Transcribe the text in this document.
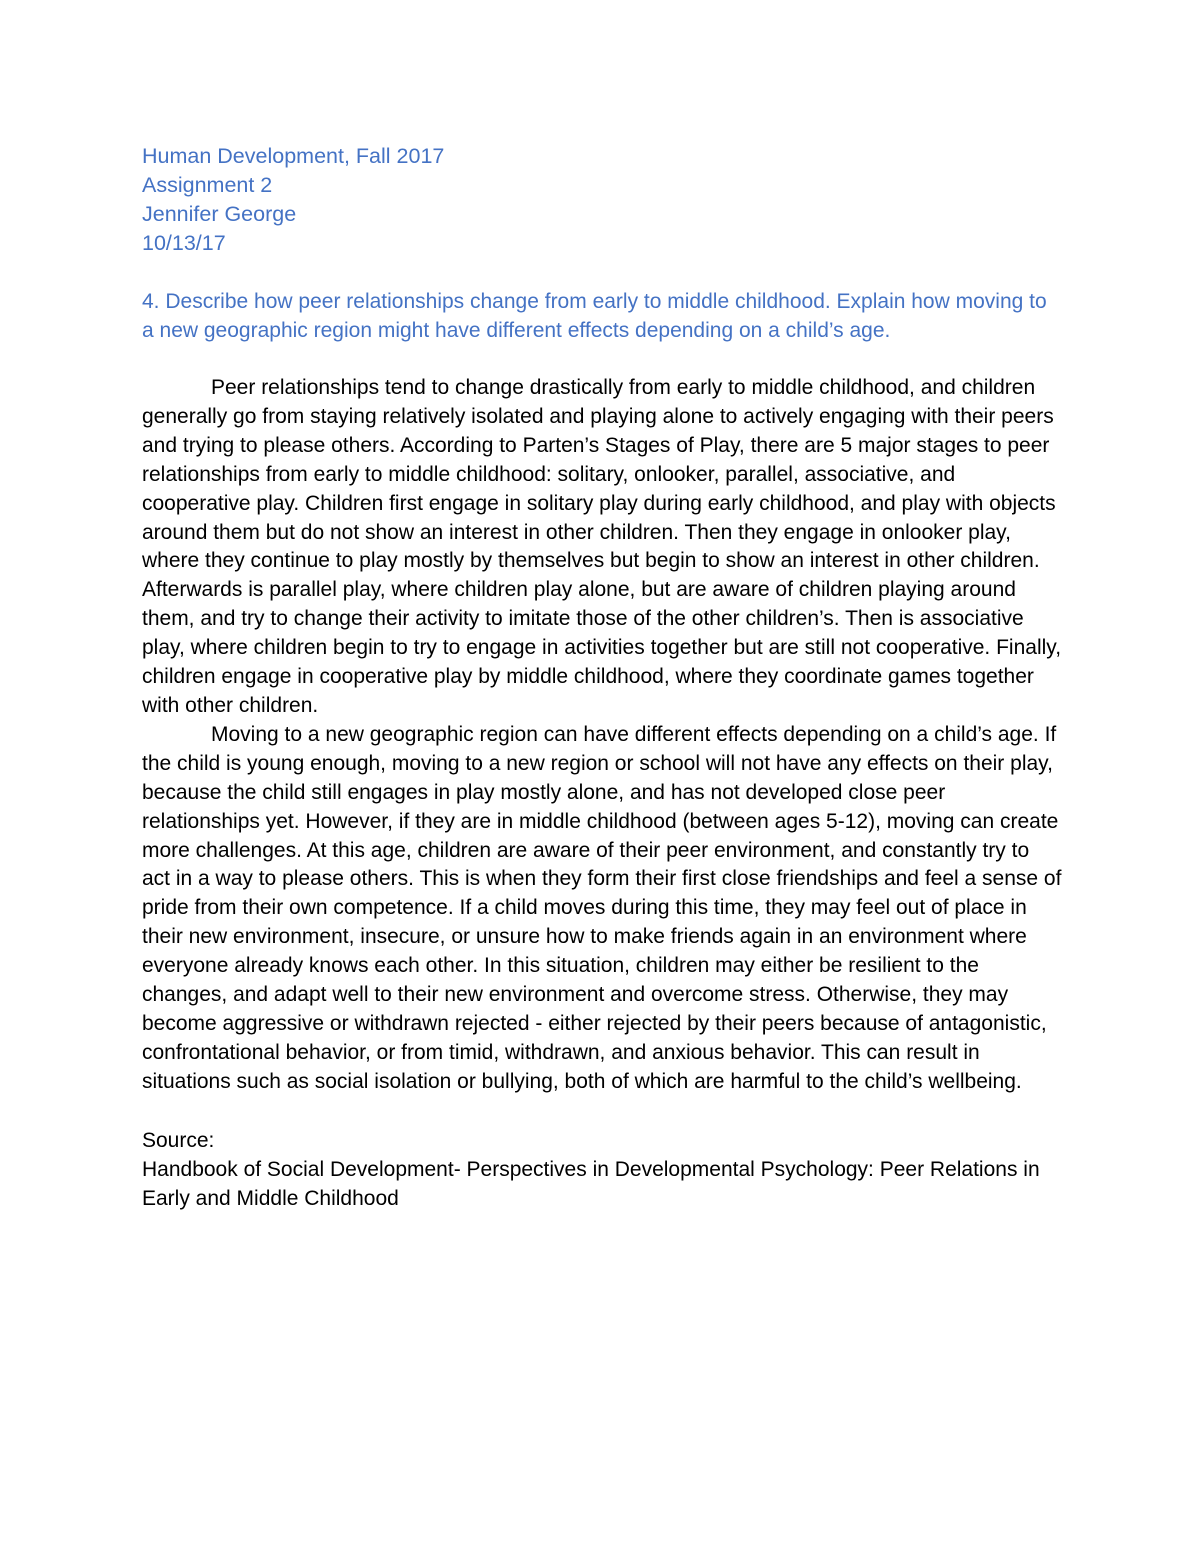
Human Development, Fall 2017

Assignment 2

Jennifer George

10/13/17

4. Describe how peer relationships change from early to middle childhood. Explain how moving to a new geographic region might have different effects depending on a child’s age.

Peer relationships tend to change drastically from early to middle childhood, and children generally go from staying relatively isolated and playing alone to actively engaging with their peers and trying to please others. According to Parten’s Stages of Play, there are 5 major stages to peer relationships from early to middle childhood: solitary, onlooker, parallel, associative, and cooperative play. Children first engage in solitary play during early childhood, and play with objects around them but do not show an interest in other children. Then they engage in onlooker play, where they continue to play mostly by themselves but begin to show an interest in other children. Afterwards is parallel play, where children play alone, but are aware of children playing around them, and try to change their activity to imitate those of the other children’s. Then is associative play, where children begin to try to engage in activities together but are still not cooperative. Finally, children engage in cooperative play by middle childhood, where they coordinate games together with other children.

Moving to a new geographic region can have different effects depending on a child’s age. If the child is young enough, moving to a new region or school will not have any effects on their play, because the child still engages in play mostly alone, and has not developed close peer relationships yet. However, if they are in middle childhood (between ages 5-12), moving can create more challenges. At this age, children are aware of their peer environment, and constantly try to act in a way to please others. This is when they form their first close friendships and feel a sense of pride from their own competence. If a child moves during this time, they may feel out of place in their new environment, insecure, or unsure how to make friends again in an environment where everyone already knows each other. In this situation, children may either be resilient to the changes, and adapt well to their new environment and overcome stress. Otherwise, they may become aggressive or withdrawn rejected - either rejected by their peers because of antagonistic, confrontational behavior, or from timid, withdrawn, and anxious behavior. This can result in situations such as social isolation or bullying, both of which are harmful to the child’s wellbeing.

Source:

Handbook of Social Development- Perspectives in Developmental Psychology: Peer Relations in Early and Middle Childhood
